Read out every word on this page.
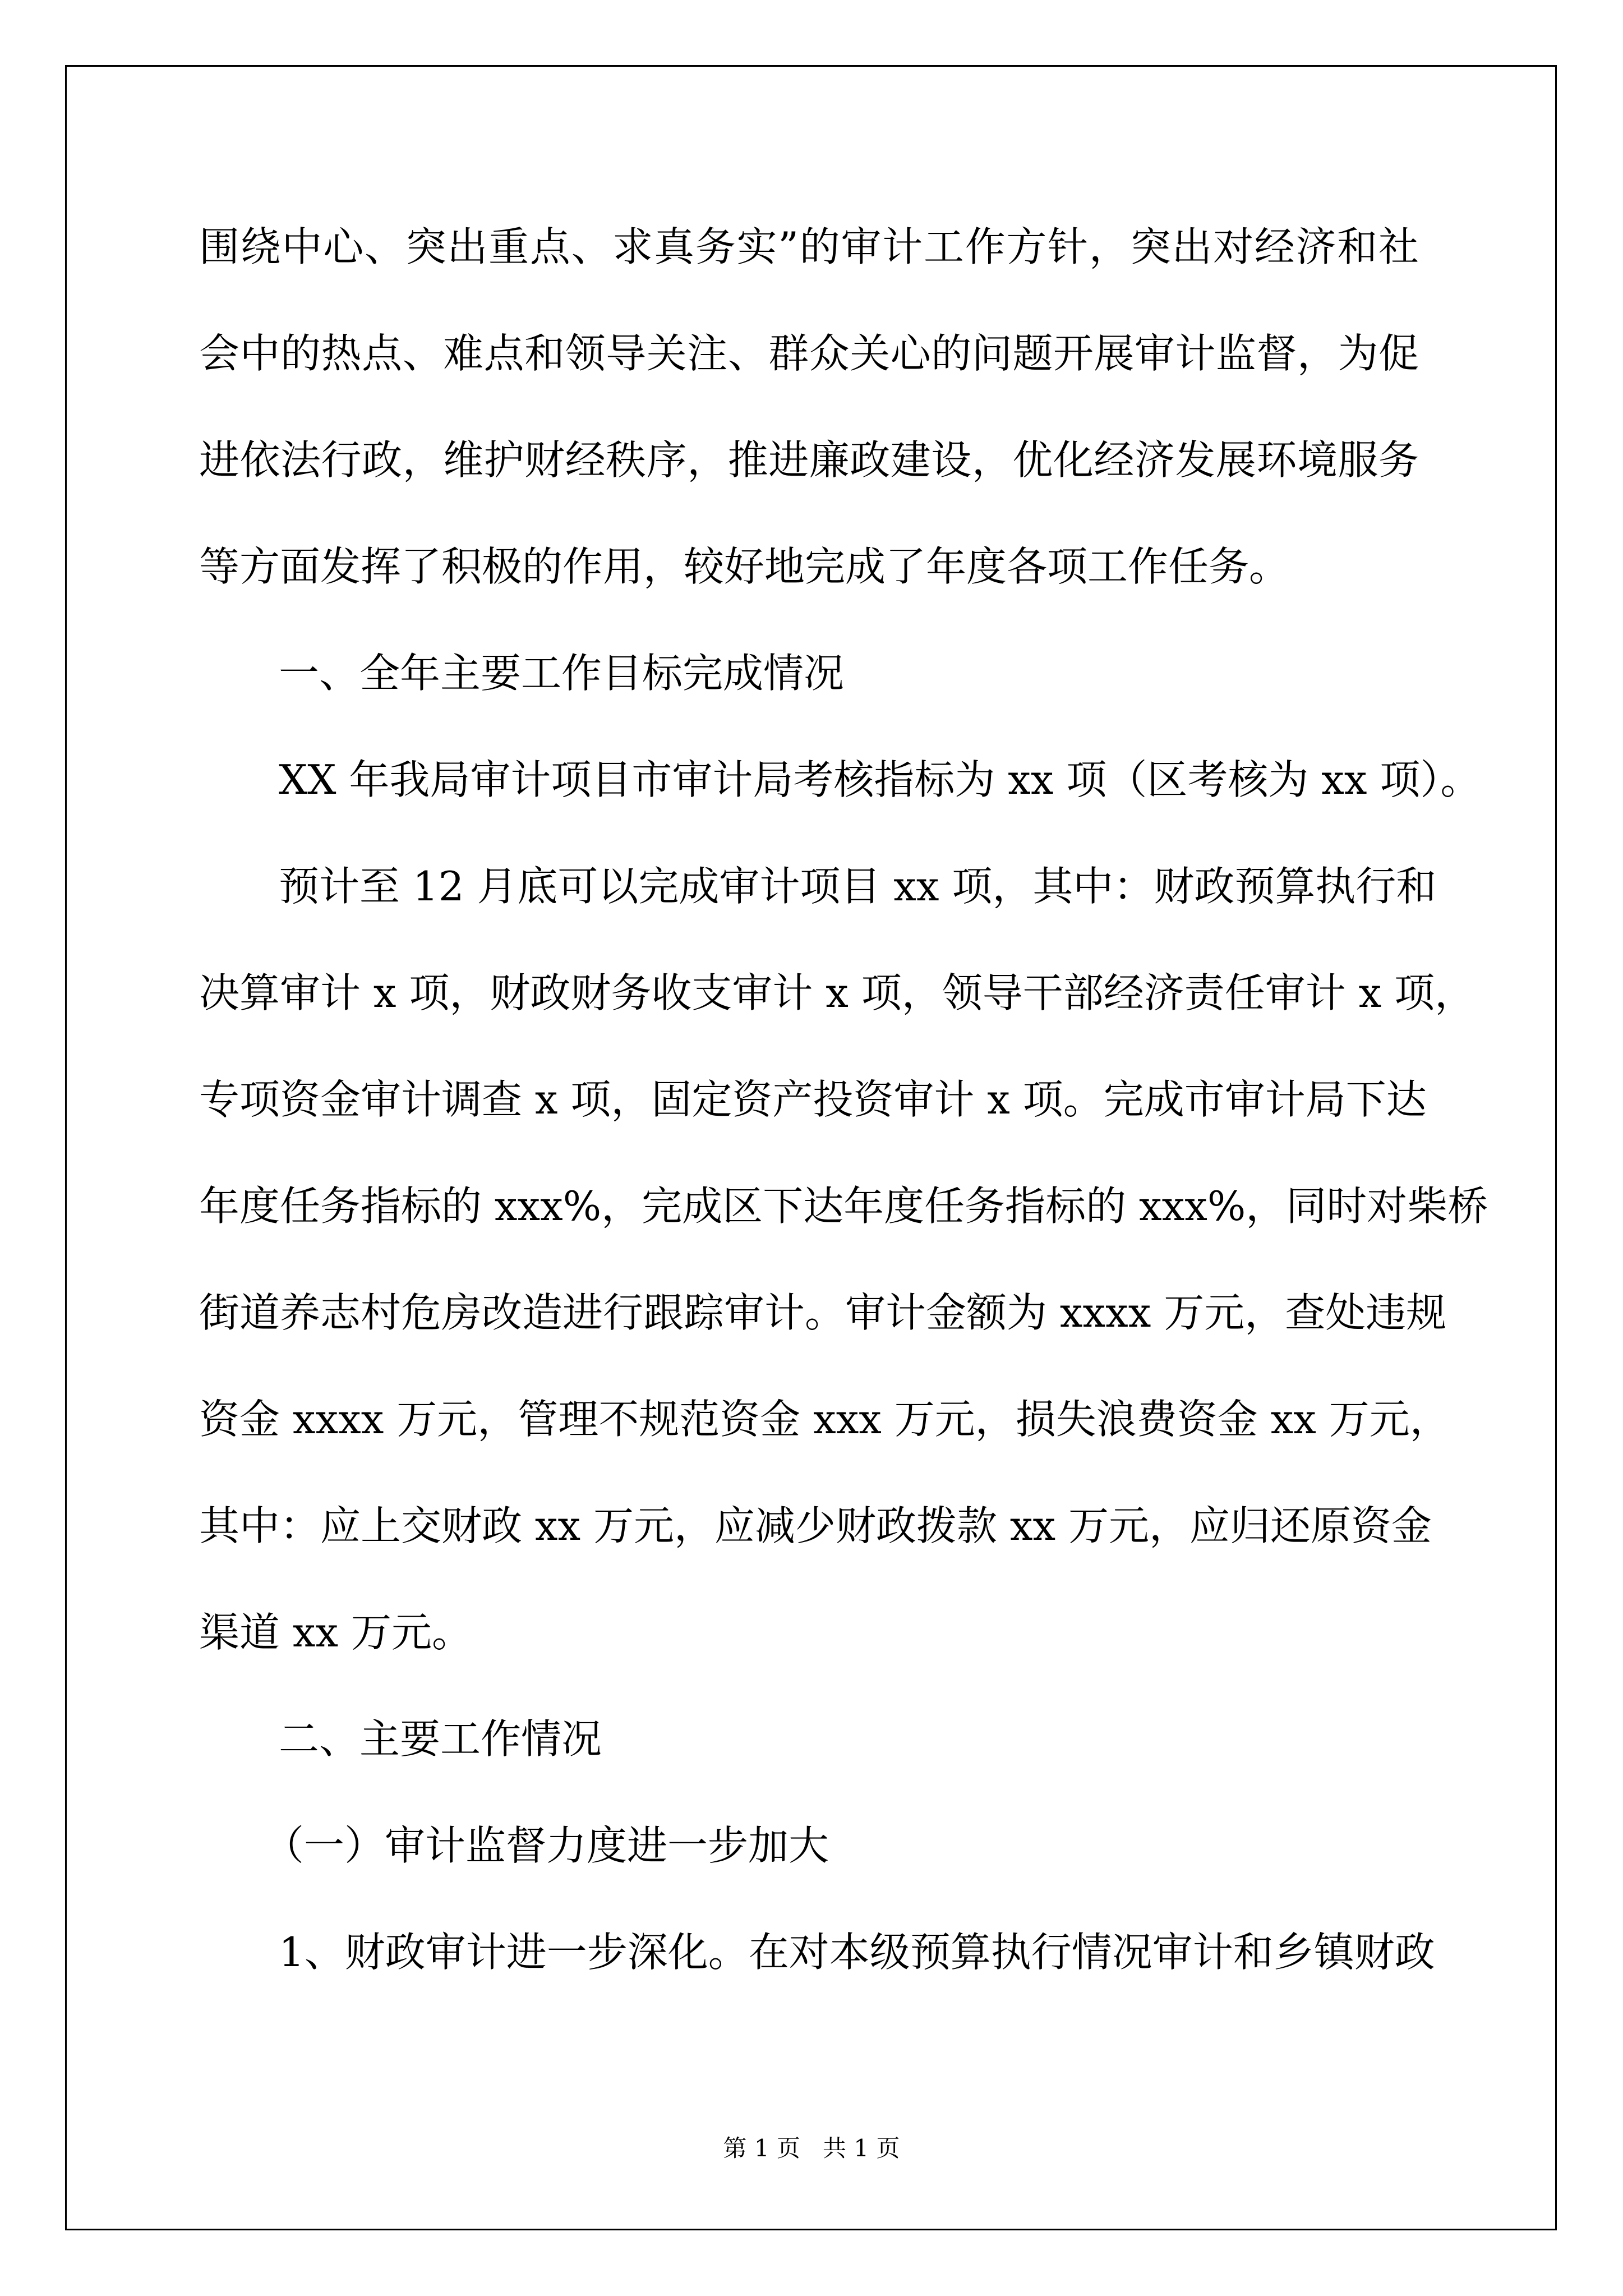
围绕中心、突出重点、求真务实”的审计工作方针，突出对经济和社
会中的热点、难点和领导关注、群众关心的问题开展审计监督，为促
进依法行政，维护财经秩序，推进廉政建设，优化经济发展环境服务
等方面发挥了积极的作用，较好地完成了年度各项工作任务。
一、全年主要工作目标完成情况
XX 年我局审计项目市审计局考核指标为 xx 项（区考核为 xx 项）。
预计至 12 月底可以完成审计项目 xx 项，其中：财政预算执行和
决算审计 x 项，财政财务收支审计 x 项，领导干部经济责任审计 x 项，
专项资金审计调查 x 项，固定资产投资审计 x 项。完成市审计局下达
年度任务指标的 xxx%，完成区下达年度任务指标的 xxx%，同时对柴桥
街道养志村危房改造进行跟踪审计。审计金额为 xxxx 万元，查处违规
资金 xxxx 万元，管理不规范资金 xxx 万元，损失浪费资金 xx 万元，
其中：应上交财政 xx 万元，应减少财政拨款 xx 万元，应归还原资金
渠道 xx 万元。
二、主要工作情况
（一）审计监督力度进一步加大
1、财政审计进一步深化。在对本级预算执行情况审计和乡镇财政
第 1 页   共 1 页
